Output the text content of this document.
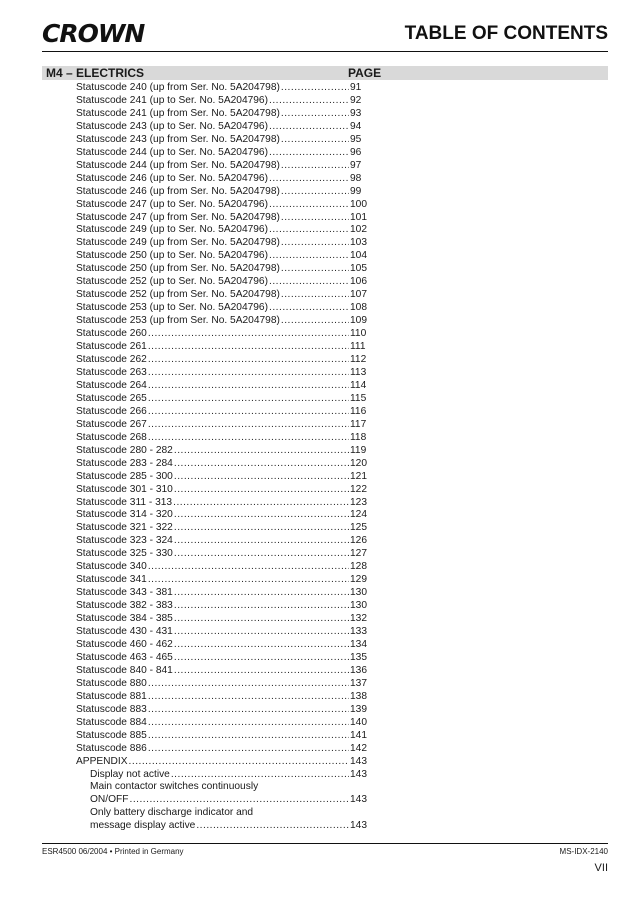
CROWN	TABLE OF CONTENTS
M4 – ELECTRICS	PAGE
Statuscode 240 (up from Ser. No. 5A204798) .....	91
Statuscode 241 (up to Ser. No. 5A204796) .....	92
Statuscode 241 (up from Ser. No. 5A204798) .....	93
Statuscode 243 (up to Ser. No. 5A204796) .....	94
Statuscode 243 (up from Ser. No. 5A204798) .....	95
Statuscode 244 (up to Ser. No. 5A204796) .....	96
Statuscode 244 (up from Ser. No. 5A204798) .....	97
Statuscode 246 (up to Ser. No. 5A204796) .....	98
Statuscode 246 (up from Ser. No. 5A204798) .....	99
Statuscode 247 (up to Ser. No. 5A204796) .....	100
Statuscode 247 (up from Ser. No. 5A204798) .....	101
Statuscode 249 (up to Ser. No. 5A204796) .....	102
Statuscode 249 (up from Ser. No. 5A204798) .....	103
Statuscode 250 (up to Ser. No. 5A204796) .....	104
Statuscode 250 (up from Ser. No. 5A204798) .....	105
Statuscode 252 (up to Ser. No. 5A204796) .....	106
Statuscode 252 (up from Ser. No. 5A204798) .....	107
Statuscode 253 (up to Ser. No. 5A204796) .....	108
Statuscode 253 (up from Ser. No. 5A204798) .....	109
Statuscode 260 .....	110
Statuscode 261 .....	111
Statuscode 262 .....	112
Statuscode 263 .....	113
Statuscode 264 .....	114
Statuscode 265 .....	115
Statuscode 266 .....	116
Statuscode 267 .....	117
Statuscode 268 .....	118
Statuscode 280 - 282 .....	119
Statuscode 283 - 284 .....	120
Statuscode 285 - 300 .....	121
Statuscode 301 - 310 .....	122
Statuscode 311 - 313 .....	123
Statuscode 314 - 320 .....	124
Statuscode 321 - 322 .....	125
Statuscode 323 - 324 .....	126
Statuscode 325 - 330 .....	127
Statuscode 340 .....	128
Statuscode 341 .....	129
Statuscode 343 - 381 .....	130
Statuscode 382 - 383 .....	130
Statuscode 384 - 385 .....	132
Statuscode 430 - 431 .....	133
Statuscode 460 - 462 .....	134
Statuscode 463 - 465 .....	135
Statuscode 840 - 841 .....	136
Statuscode 880 .....	137
Statuscode 881 .....	138
Statuscode 883 .....	139
Statuscode 884 .....	140
Statuscode 885 .....	141
Statuscode 886 .....	142
APPENDIX .....	143
Display not active .....	143
Main contactor switches continuously
ON/OFF .....	143
Only battery discharge indicator and
message display active .....	143
ESR4500 06/2004 • Printed in Germany	MS-IDX-2140
VII
